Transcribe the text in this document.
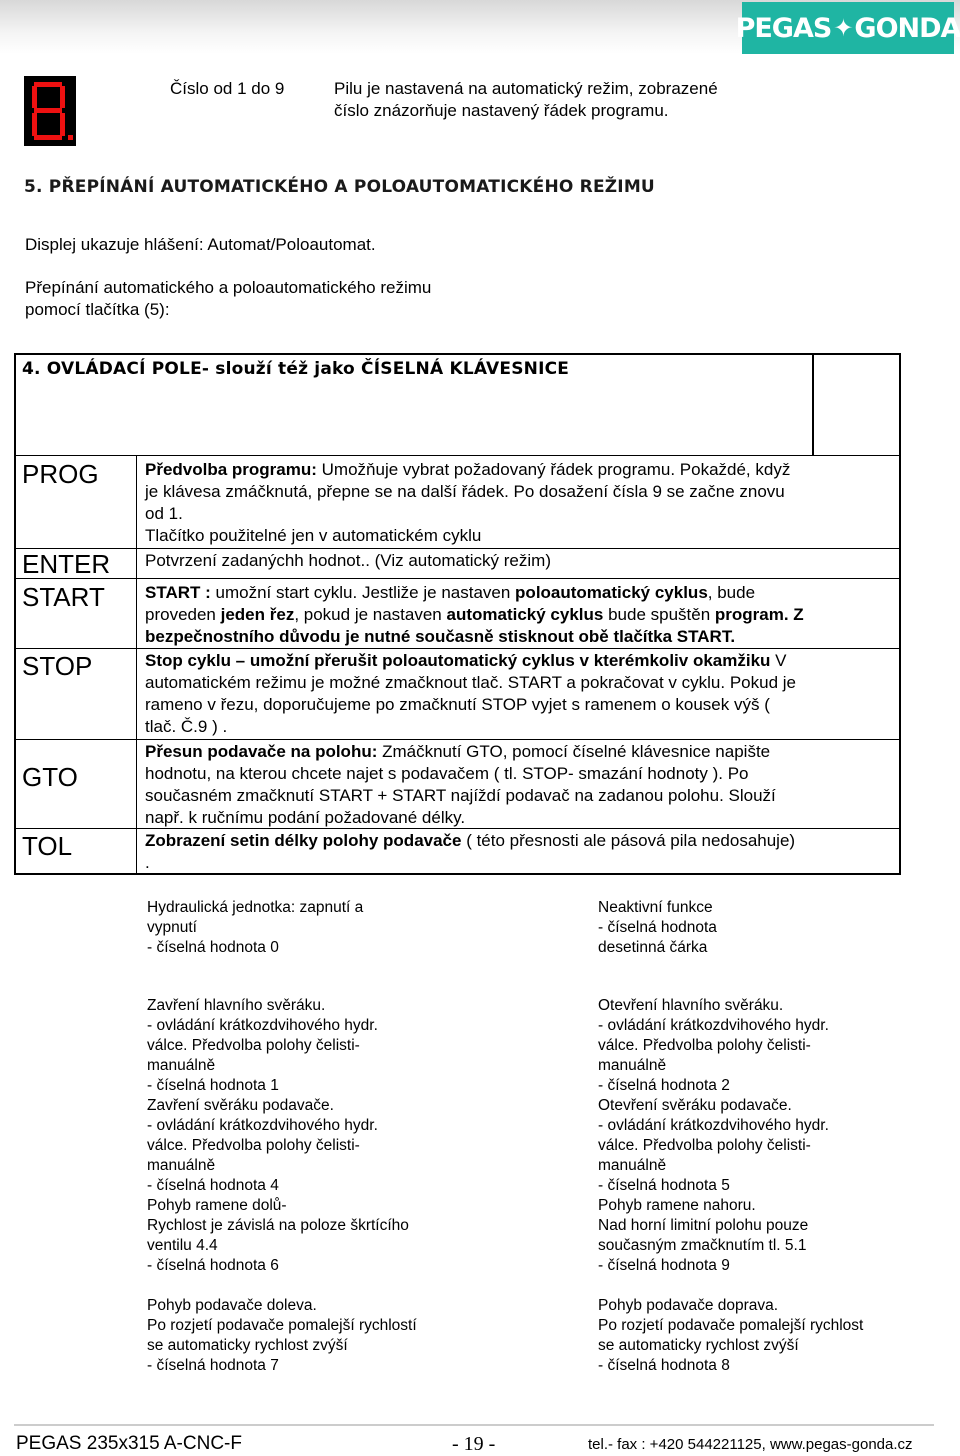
PEGAS ✦ GONDA
Číslo od 1 do 9	Pilu je nastavená na automatický režim, zobrazené
číslo znázorňuje nastavený řádek programu.
5. PŘEPÍNÁNÍ AUTOMATICKÉHO A POLOAUTOMATICKÉHO REŽIMU
Displej ukazuje hlášení: Automat/Poloautomat.
Přepínání automatického a poloautomatického režimu
pomocí tlačítka (5):
4. OVLÁDACÍ POLE- slouží též jako ČÍSELNÁ KLÁVESNICE
PROG	Předvolba programu: Umožňuje vybrat požadovaný řádek programu. Pokaždé, když
je klávesa zmáčknutá, přepne se na další řádek. Po dosažení čísla 9 se začne znovu
od 1.
Tlačítko použitelné jen v automatickém cyklu
ENTER Potvrzení zadanýchh hodnot.. (Viz automatický režim)
START START : umožní start cyklu. Jestliže je nastaven poloautomatický cyklus, bude
proveden jeden řez, pokud je nastaven automatický cyklus bude spuštěn program. Z
bezpečnostního důvodu je nutné současně stisknout obě tlačítka START.
STOP	Stop cyklu – umožní přerušit poloautomatický cyklus v kterémkoliv okamžiku V
automatickém režimu je možné zmačknout tlač. START a pokračovat v cyklu. Pokud je
rameno v řezu, doporučujeme po zmačknutí STOP vyjet s ramenem o kousek výš (
tlač. Č.9 ) .
GTO
Přesun podavače na polohu: Zmáčknutí GTO, pomocí číselné klávesnice napište
hodnotu, na kterou chcete najet s podavačem ( tl. STOP- smazání hodnoty ). Po
současném zmačknutí START + START najíždí podavač na zadanou polohu. Slouží
např. k ručnímu podání požadované délky.
TOL	Zobrazení setin délky polohy podavače ( této přesnosti ale pásová pila nedosahuje)
.
Hydraulická jednotka: zapnutí a
vypnutí
- číselná hodnota 0
Neaktivní funkce
- číselná hodnota
desetinná čárka
Zavření hlavního svěráku.
- ovládání krátkozdvihového hydr.
válce. Předvolba polohy čelisti-
manuálně
- číselná hodnota 1
Zavření svěráku podavače.
- ovládání krátkozdvihového hydr.
válce. Předvolba polohy čelisti-
manuálně
- číselná hodnota 4
Pohyb ramene dolů-
Rychlost je závislá na poloze škrtícího
ventilu 4.4
- číselná hodnota 6
Otevření hlavního svěráku.
- ovládání krátkozdvihového hydr.
válce. Předvolba polohy čelisti-
manuálně
- číselná hodnota 2
Otevření svěráku podavače.
- ovládání krátkozdvihového hydr.
válce. Předvolba polohy čelisti-
manuálně
- číselná hodnota 5
Pohyb ramene nahoru.
Nad horní limitní polohu pouze
současným zmačknutím tl. 5.1
- číselná hodnota 9
Pohyb podavače doleva.
Po rozjetí podavače pomalejší rychlostí
se automaticky rychlost zvýší
- číselná hodnota 7
Pohyb podavače doprava.
Po rozjetí podavače pomalejší rychlost
se automaticky rychlost zvýší
- číselná hodnota 8
PEGAS 235x315 A-CNC-F	- 19 -	tel.- fax : +420 544221125, www.pegas-gonda.cz
